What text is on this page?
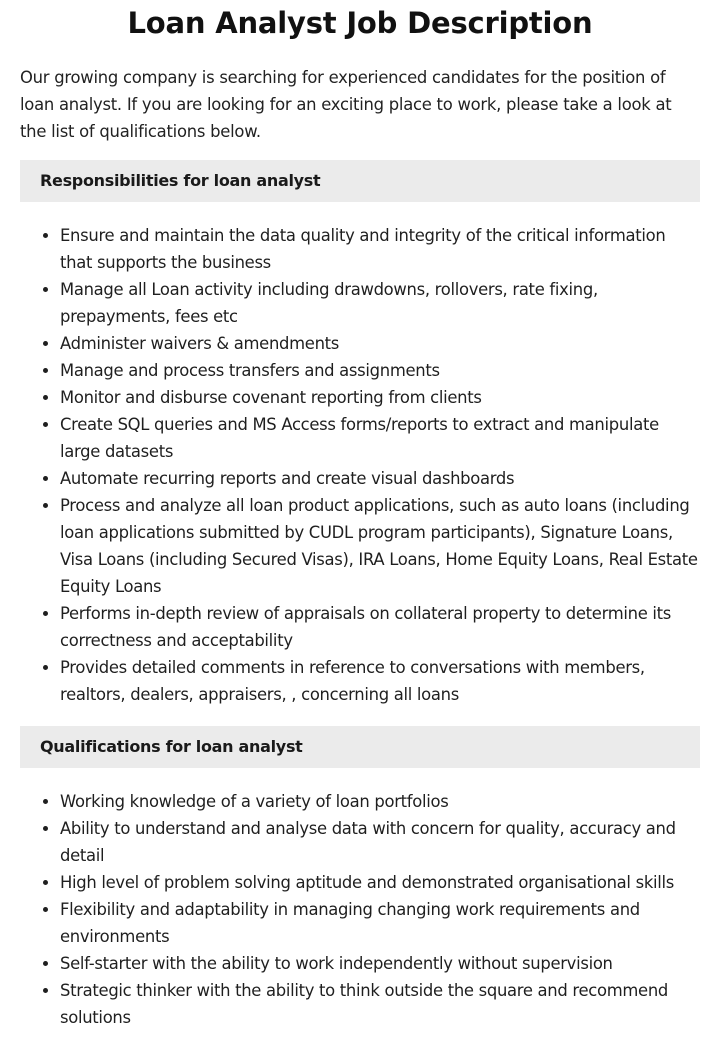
Loan Analyst Job Description

Our growing company is searching for experienced candidates for the position of loan analyst. If you are looking for an exciting place to work, please take a look at the list of qualifications below.

Responsibilities for loan analyst
• Ensure and maintain the data quality and integrity of the critical information that supports the business
• Manage all Loan activity including drawdowns, rollovers, rate fixing, prepayments, fees etc
• Administer waivers & amendments
• Manage and process transfers and assignments
• Monitor and disburse covenant reporting from clients
• Create SQL queries and MS Access forms/reports to extract and manipulate large datasets
• Automate recurring reports and create visual dashboards
• Process and analyze all loan product applications, such as auto loans (including loan applications submitted by CUDL program participants), Signature Loans, Visa Loans (including Secured Visas), IRA Loans, Home Equity Loans, Real Estate Equity Loans
• Performs in-depth review of appraisals on collateral property to determine its correctness and acceptability
• Provides detailed comments in reference to conversations with members, realtors, dealers, appraisers, , concerning all loans
Qualifications for loan analyst
• Working knowledge of a variety of loan portfolios
• Ability to understand and analyse data with concern for quality, accuracy and detail
• High level of problem solving aptitude and demonstrated organisational skills
• Flexibility and adaptability in managing changing work requirements and environments
• Self-starter with the ability to work independently without supervision
• Strategic thinker with the ability to think outside the square and recommend solutions
